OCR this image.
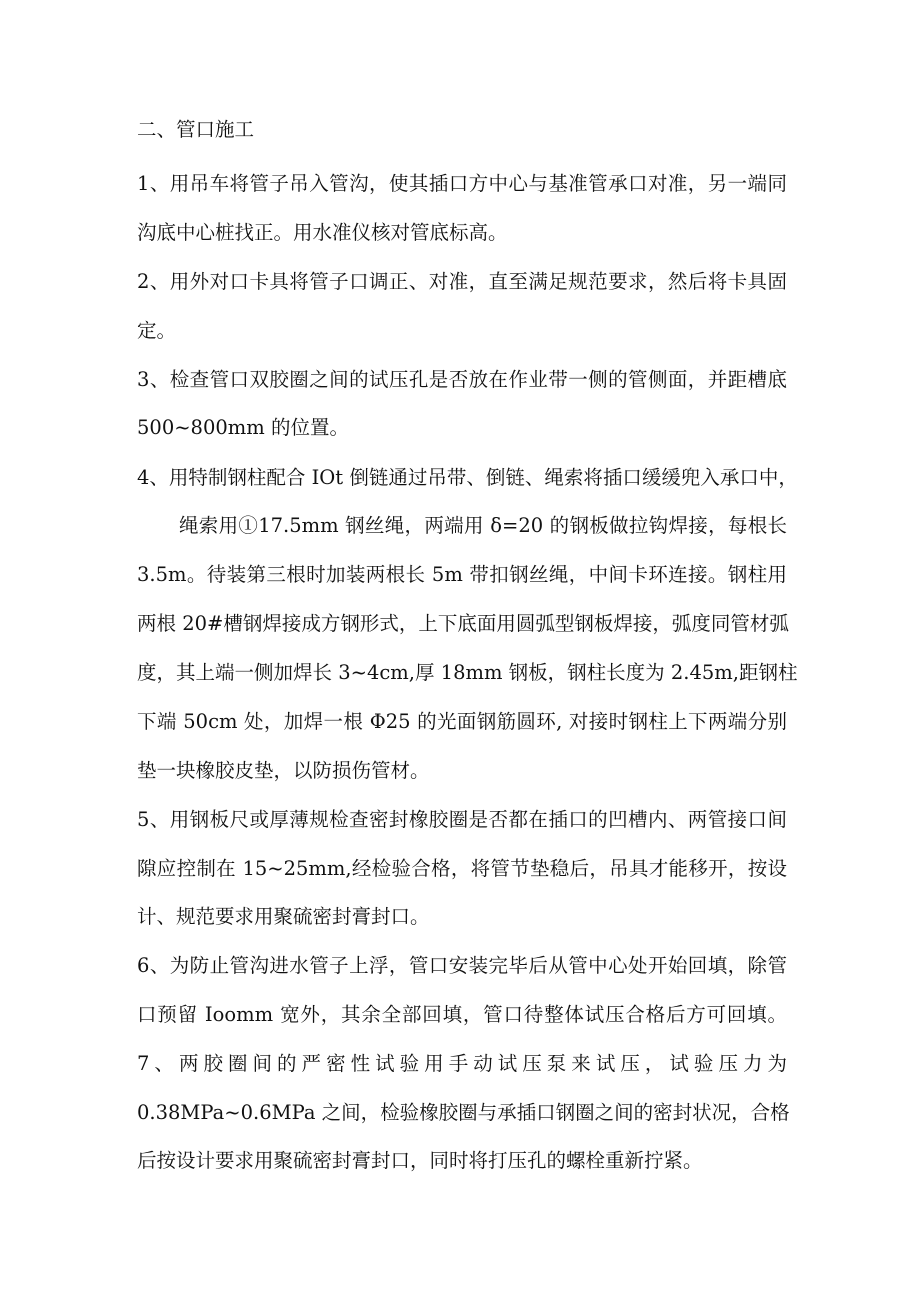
二、管口施工
1、用吊车将管子吊入管沟，使其插口方中心与基准管承口对准，另一端同
沟底中心桩找正。用水准仪核对管底标高。
2、用外对口卡具将管子口调正、对准，直至满足规范要求，然后将卡具固
定。
3、检查管口双胶圈之间的试压孔是否放在作业带一侧的管侧面，并距槽底
500~800mm 的位置。
4、用特制钢柱配合 IOt 倒链通过吊带、倒链、绳索将插口缓缓兜入承口中，
绳索用①17.5mm 钢丝绳，两端用 δ=20 的钢板做拉钩焊接，每根长
3.5m。待装第三根时加装两根长 5m 带扣钢丝绳，中间卡环连接。钢柱用
两根 20#槽钢焊接成方钢形式，上下底面用圆弧型钢板焊接，弧度同管材弧
度，其上端一侧加焊长 3~4cm,厚 18mm 钢板，钢柱长度为 2.45m,距钢柱
下端 50cm 处，加焊一根 Φ25 的光面钢筋圆环, 对接时钢柱上下两端分别
垫一块橡胶皮垫，以防损伤管材。
5、用钢板尺或厚薄规检查密封橡胶圈是否都在插口的凹槽内、两管接口间
隙应控制在 15~25mm,经检验合格，将管节垫稳后，吊具才能移开，按设
计、规范要求用聚硫密封膏封口。
6、为防止管沟进水管子上浮，管口安装完毕后从管中心处开始回填，除管
口预留 Ioomm 宽外，其余全部回填，管口待整体试压合格后方可回填。
7、两胶圈间的严密性试验用手动试压泵来试压，试验压力为
0.38MPa~0.6MPa 之间，检验橡胶圈与承插口钢圈之间的密封状况，合格
后按设计要求用聚硫密封膏封口，同时将打压孔的螺栓重新拧紧。
